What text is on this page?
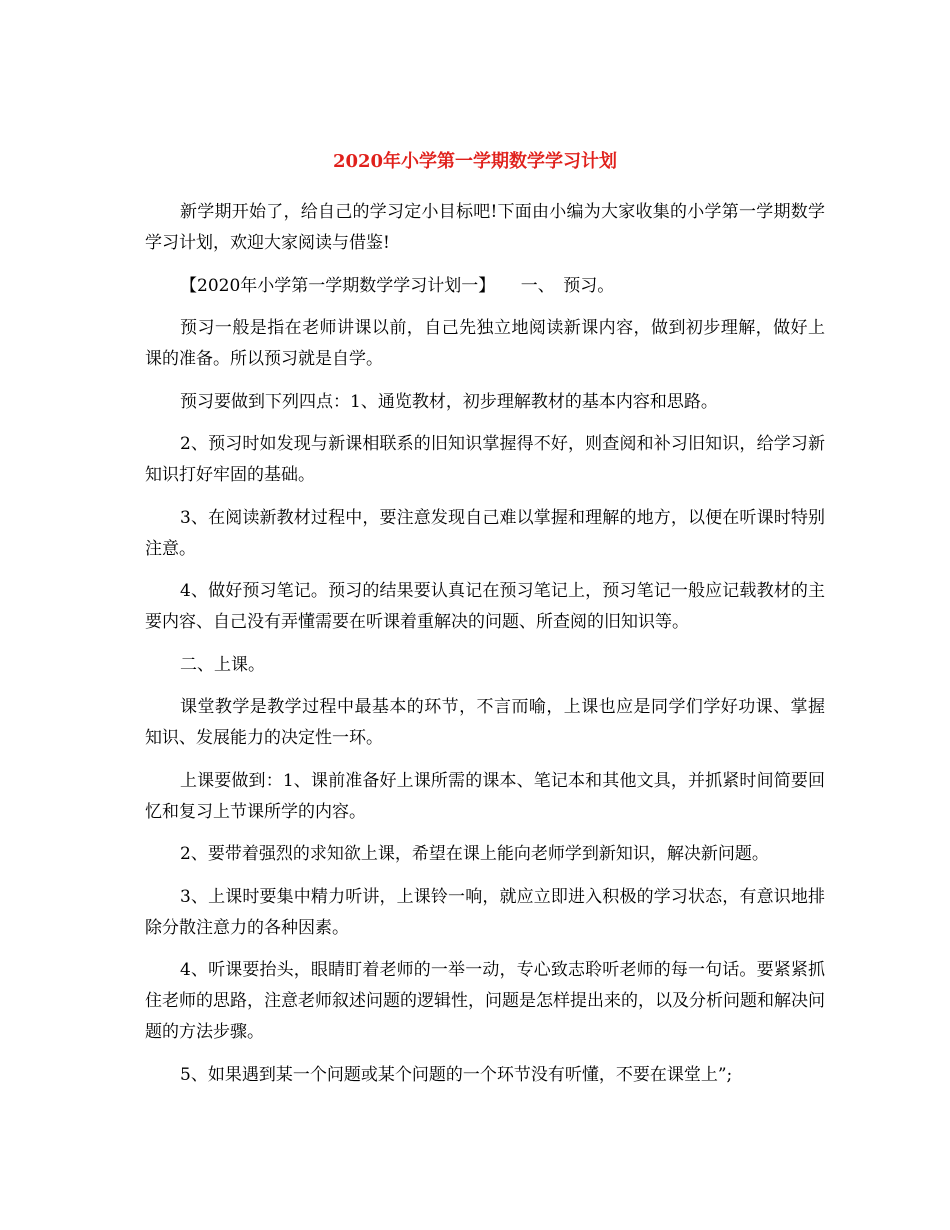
2020年小学第一学期数学学习计划

新学期开始了，给自己的学习定小目标吧!下面由小编为大家收集的小学第一学期数学学习计划，欢迎大家阅读与借鉴!

【2020年小学第一学期数学学习计划一】　　一、　预习。

预习一般是指在老师讲课以前，自己先独立地阅读新课内容，做到初步理解，做好上课的准备。所以预习就是自学。

预习要做到下列四点：1、通览教材，初步理解教材的基本内容和思路。

2、预习时如发现与新课相联系的旧知识掌握得不好，则查阅和补习旧知识，给学习新知识打好牢固的基础。

3、在阅读新教材过程中，要注意发现自己难以掌握和理解的地方，以便在听课时特别注意。

4、做好预习笔记。预习的结果要认真记在预习笔记上，预习笔记一般应记载教材的主要内容、自己没有弄懂需要在听课着重解决的问题、所查阅的旧知识等。

二、上课。

课堂教学是教学过程中最基本的环节，不言而喻，上课也应是同学们学好功课、掌握知识、发展能力的决定性一环。

上课要做到：1、课前准备好上课所需的课本、笔记本和其他文具，并抓紧时间简要回忆和复习上节课所学的内容。

2、要带着强烈的求知欲上课，希望在课上能向老师学到新知识，解决新问题。

3、上课时要集中精力听讲，上课铃一响，就应立即进入积极的学习状态，有意识地排除分散注意力的各种因素。

4、听课要抬头，眼睛盯着老师的一举一动，专心致志聆听老师的每一句话。要紧紧抓住老师的思路，注意老师叙述问题的逻辑性，问题是怎样提出来的，以及分析问题和解决问题的方法步骤。

5、如果遇到某一个问题或某个问题的一个环节没有听懂，不要在课堂上”;
